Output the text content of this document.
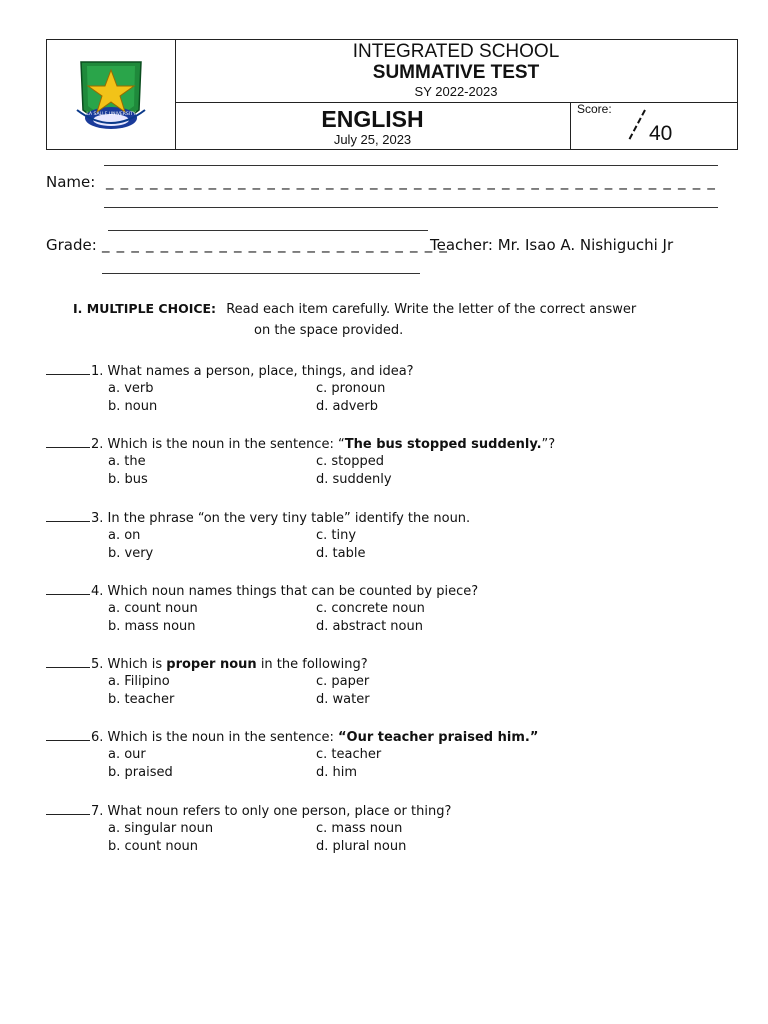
LA SALLE UNIVERSITY
INTEGRATED SCHOOL
SUMMATIVE TEST
SY 2022-2023
ENGLISH
July 25, 2023
Score:
40
Name: _ _ _ _ _ _ _ _ _ _ _ _ _ _ _ _ _ _ _ _ _ _ _ _ _ _ _ _ _ _ _ _ _ _ _ _ _ _ _ _ _ _
Grade: _ _ _ _ _ _ _ _ _ _ _ _ _ _ _ _ _ _ _ _ _ _ _ _
Teacher: Mr. Isao A. Nishiguchi Jr
I. MULTIPLE CHOICE: Read each item carefully. Write the letter of the correct answer
on the space provided.
1. What names a person, place, things, and idea?
a. verb	c. pronoun
b. noun	d. adverb
2. Which is the noun in the sentence: “The bus stopped suddenly.”?
a. the	c. stopped
b. bus	d. suddenly
3. In the phrase “on the very tiny table” identify the noun.
a. on	c. tiny
b. very	d. table
4. Which noun names things that can be counted by piece?
a. count noun	c. concrete noun
b. mass noun	d. abstract noun
5. Which is proper noun in the following?
a. Filipino	c. paper
b. teacher	d. water
6. Which is the noun in the sentence: “Our teacher praised him.”
a. our	c. teacher
b. praised	d. him
7. What noun refers to only one person, place or thing?
a. singular noun	c. mass noun
b. count noun	d. plural noun
